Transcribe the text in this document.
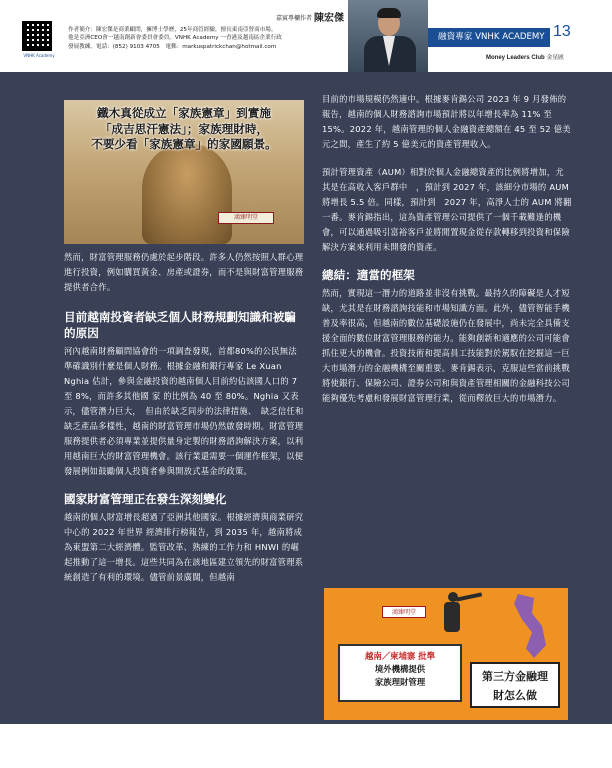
VNHK Academy
嘉賓專欄作者 陳宏傑

作者簡介：陳宏傑是商業顧問，擁博士學歷，25年商管經驗，擅長東南亞營商市場。

他是亞洲CEO會一越南創新會委員會委員。VNHK Academy 一香港及越南區企業行政

發展教練。電話：(852) 9103 4705　電郵：markuspatrickchan@hotmail.com

融資專家 VNHK ACADEMY 13
Money Leaders Club 金星匯

鐵木真從成立「家族憲章」到實施

「成吉思汗憲法」；家族理財時，

不要少看「家族憲章」的家國願景。

鴻臻明堂

然而，財富管理服務仍處於起步階段。許多人仍然按照人群心理進行投資，例如購買黃金、房產或證券，而不是與財富管理服務提供者合作。

目前越南投資者缺乏個人財務規劃知識和被騙的原因

河內越南財務顧問協會的一項調查發現，首都80%的公民無法準確識別什麼是個人財務。根據金融和銀行專家 Le Xuan Nghia 估計，參與金融投資的越南個人目前約佔該國人口的 7 至 8%，而許多其他國 家 的比例為 40 至 80%。Nghia 又表示，儘管潛力巨大，　但由於缺乏同步的法律措施、　缺乏信任和缺乏產品多樣性，越南的財富管理市場仍然啟發時期。財富管理服務提供者必須專業並提供量身定製的財務諮詢解決方案，以利用越南巨大的財富管理機會。該行業還需要一個運作框架，以便發展例如鼓勵個人投資者參與開放式基金的政策。

國家財富管理正在發生深刻變化

越南的個人財富增長超過了亞洲其他國家。根據經濟與商業研究中心的 2022 年世界 經濟排行榜報告，到 2035 年，越南將成為東盟第二大經濟體。監管改革、熟練的工作力和 HNWI 的崛起推動了這一增長。這些共同為在該地區建立領先的財富管理系統創造了有利的環境。儘管前景廣闊，但越南

目前的市場規模仍然適中。根據麥肯錫公司 2023 年 9 月發佈的報告，越南的個人財務諮詢市場預計將以年增長率為 11% 至 15%。2022 年，越南管理的個人金融資產總額在 45 至 52 億美元之間，產生了約 5 億美元的資產管理收入。

預計管理資產（AUM）相對於個人金融總資產的比例將增加，尤其是在高收入客戶群中　，預計到 2027 年，該細分市場的 AUM 將增長 5.5 倍。同樣，預計到　2027 年，高淨人士的 AUM 將翻一番。麥肯錫指出，這為資產管理公司提供了一個千載難逢的機會，可以通過吸引富裕客戶並將閒置現金從存款轉移到投資和保險解決方案來利用未開發的資產。

總結：適當的框架

然而，實現這一潛力的道路並非沒有挑戰。最持久的障礙是人才短缺，尤其是在財務諮詢技能和市場知識方面。此外，儘管智能手機普及率很高，但越南的數位基礎設施仍在發展中，尚未完全具備支援全面的數位財富管理服務的能力。能夠創新和適應的公司可能會抓住更大的機會。投資技術和提高員工技能對於駕馭在挖掘這一巨大市場潛力的金融機構至關重要。麥肯錫表示，克服這些當前挑戰將使銀行、保險公司、證券公司和與資產管理相關的金融科技公司能夠優先考慮和發展財富管理行業，從而釋放巨大的市場潛力。

鴻臻明堂

越南／柬埔寨 批準

境外機構提供

家族理財管理	第三方金融理

財怎么做
